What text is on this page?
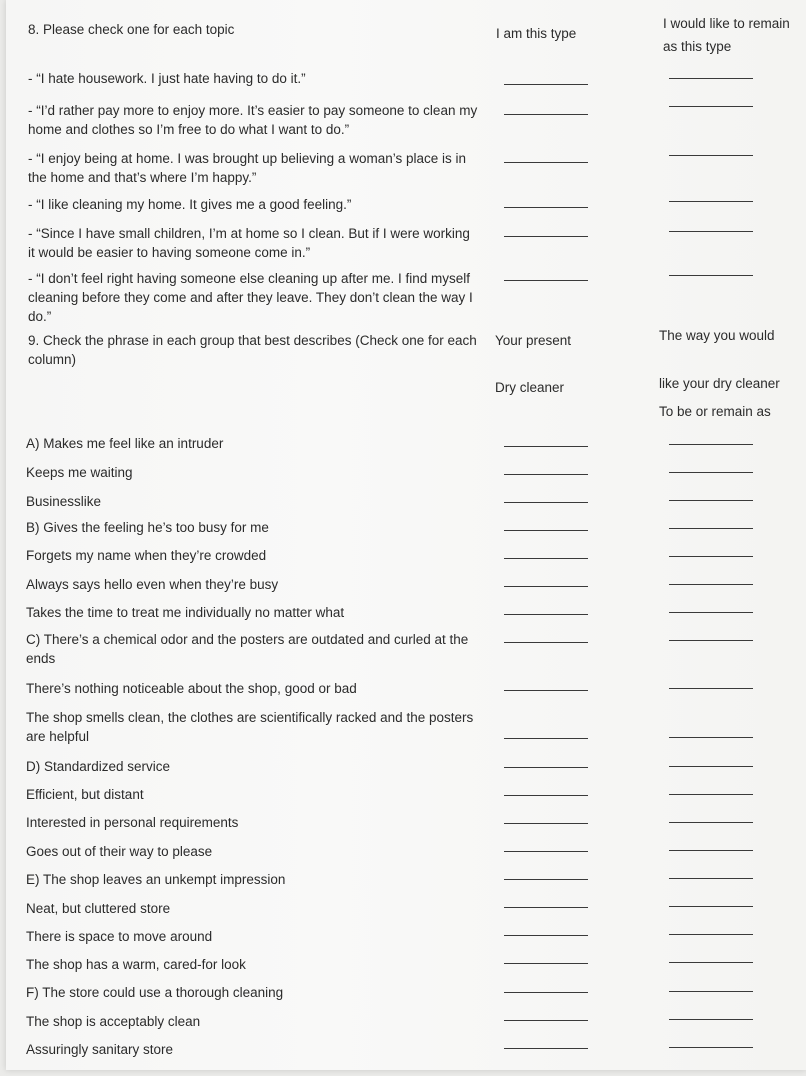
8. Please check one for each topic	I am this type
I would like to remain
as this type
- “I hate housework. I just hate having to do it.”
- “I’d rather pay more to enjoy more. It’s easier to pay someone to clean my home and clothes so I’m free to do what I want to do.”
- “I enjoy being at home. I was brought up believing a woman’s place is in the home and that’s where I’m happy.”
- “I like cleaning my home. It gives me a good feeling.”
- “Since I have small children, I’m at home so I clean. But if I were working it would be easier to having someone come in.”
- “I don’t feel right having someone else cleaning up after me. I find myself cleaning before they come and after they leave. They don’t clean the way I do.”
9. Check the phrase in each group that best describes (Check one for each column)
Your present
Dry cleaner
The way you would
like your dry cleaner
To be or remain as
A) Makes me feel like an intruder
Keeps me waiting
Businesslike
B) Gives the feeling he’s too busy for me
Forgets my name when they’re crowded
Always says hello even when they’re busy
Takes the time to treat me individually no matter what
C) There’s a chemical odor and the posters are outdated and curled at the ends
There’s nothing noticeable about the shop, good or bad
The shop smells clean, the clothes are scientifically racked and the posters are helpful
D) Standardized service
Efficient, but distant
Interested in personal requirements
Goes out of their way to please
E) The shop leaves an unkempt impression
Neat, but cluttered store
There is space to move around
The shop has a warm, cared-for look
F) The store could use a thorough cleaning
The shop is acceptably clean
Assuringly sanitary store
